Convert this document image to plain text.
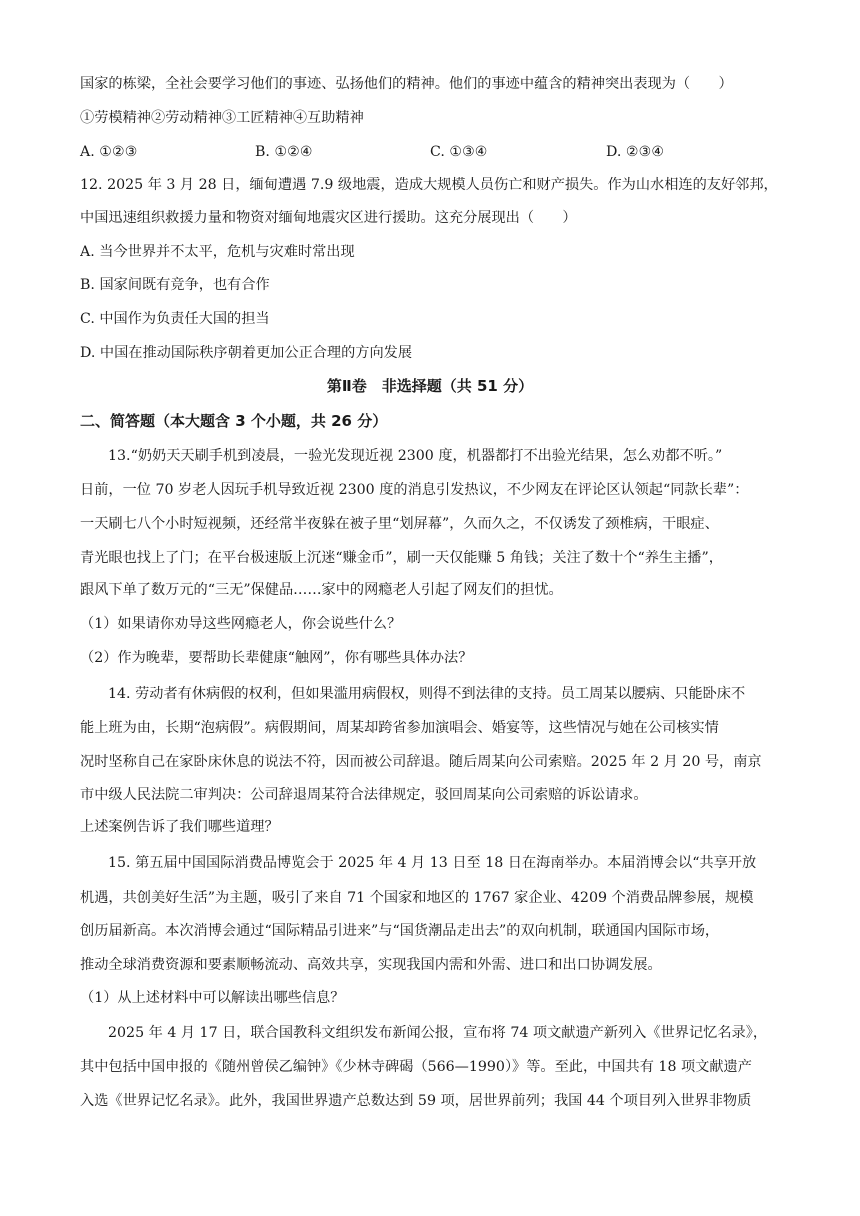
国家的栋梁，全社会要学习他们的事迹、弘扬他们的精神。他们的事迹中蕴含的精神突出表现为（　　）
①劳模精神②劳动精神③工匠精神④互助精神
A. ①②③	B. ①②④	C. ①③④	D. ②③④
12. 2025 年 3 月 28 日，缅甸遭遇 7.9 级地震，造成大规模人员伤亡和财产损失。作为山水相连的友好邻邦，
中国迅速组织救援力量和物资对缅甸地震灾区进行援助。这充分展现出（　　）
A. 当今世界并不太平，危机与灾难时常出现
B. 国家间既有竞争，也有合作
C. 中国作为负责任大国的担当
D. 中国在推动国际秩序朝着更加公正合理的方向发展
第Ⅱ卷　非选择题（共 51 分）
二、简答题（本大题含 3 个小题，共 26 分）
13.“奶奶天天刷手机到凌晨，一验光发现近视 2300 度，机器都打不出验光结果，怎么劝都不听。”
日前，一位 70 岁老人因玩手机导致近视 2300 度的消息引发热议，不少网友在评论区认领起“同款长辈”：
一天刷七八个小时短视频，还经常半夜躲在被子里“划屏幕”，久而久之，不仅诱发了颈椎病，干眼症、
青光眼也找上了门；在平台极速版上沉迷“赚金币”，刷一天仅能赚 5 角钱；关注了数十个“养生主播”，
跟风下单了数万元的“三无”保健品……家中的网瘾老人引起了网友们的担忧。
（1）如果请你劝导这些网瘾老人，你会说些什么？
（2）作为晚辈，要帮助长辈健康“触网”，你有哪些具体办法？
14. 劳动者有休病假的权利，但如果滥用病假权，则得不到法律的支持。员工周某以腰病、只能卧床不
能上班为由，长期“泡病假”。病假期间，周某却跨省参加演唱会、婚宴等，这些情况与她在公司核实情
况时坚称自己在家卧床休息的说法不符，因而被公司辞退。随后周某向公司索赔。2025 年 2 月 20 号，南京
市中级人民法院二审判决：公司辞退周某符合法律规定，驳回周某向公司索赔的诉讼请求。
上述案例告诉了我们哪些道理？
15. 第五届中国国际消费品博览会于 2025 年 4 月 13 日至 18 日在海南举办。本届消博会以“共享开放
机遇，共创美好生活”为主题，吸引了来自 71 个国家和地区的 1767 家企业、4209 个消费品牌参展，规模
创历届新高。本次消博会通过“国际精品引进来”与“国货潮品走出去”的双向机制，联通国内国际市场，
推动全球消费资源和要素顺畅流动、高效共享，实现我国内需和外需、进口和出口协调发展。
（1）从上述材料中可以解读出哪些信息？
2025 年 4 月 17 日，联合国教科文组织发布新闻公报，宣布将 74 项文献遗产新列入《世界记忆名录》，
其中包括中国申报的《随州曾侯乙编钟》《少林寺碑碣（566—1990）》等。至此，中国共有 18 项文献遗产
入选《世界记忆名录》。此外，我国世界遗产总数达到 59 项，居世界前列；我国 44 个项目列入世界非物质
